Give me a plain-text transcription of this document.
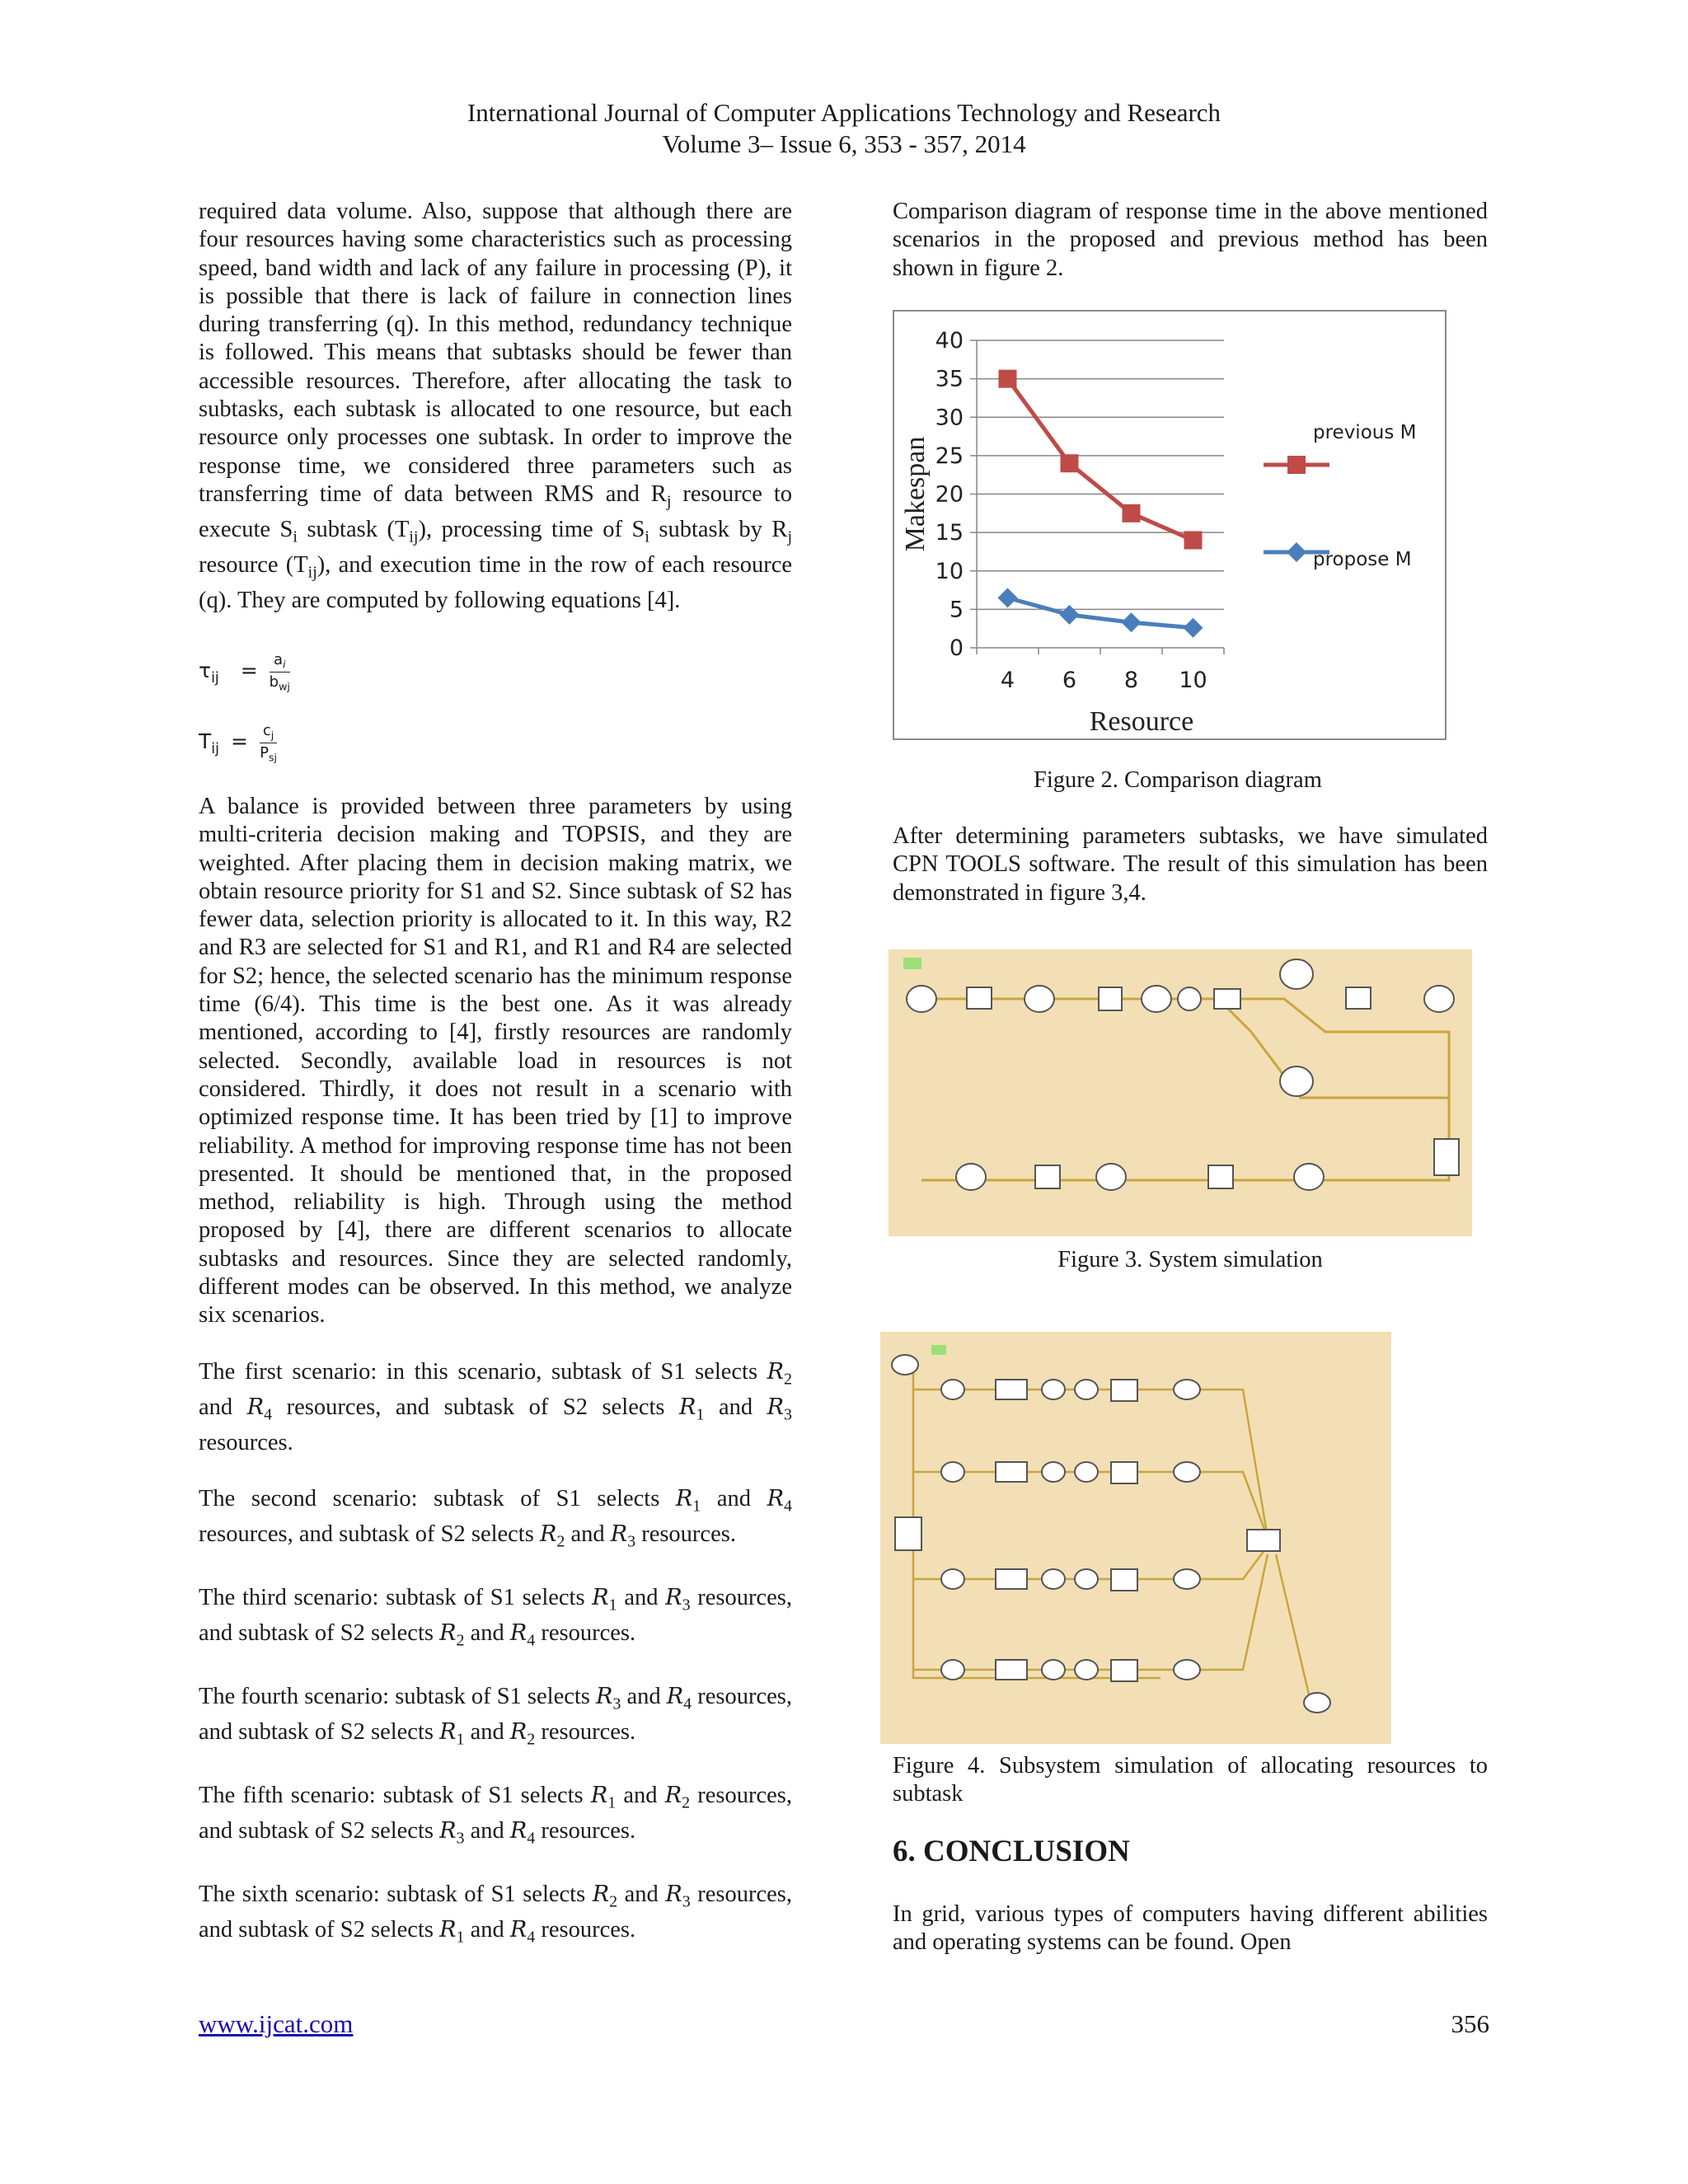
International Journal of Computer Applications Technology and Research
Volume 3– Issue 6, 353 - 357, 2014

required data volume. Also, suppose that although there are four resources having some characteristics such as processing speed, band width and lack of any failure in processing (P), it is possible that there is lack of failure in connection lines during transferring (q). In this method, redundancy technique is followed. This means that subtasks should be fewer than accessible resources. Therefore, after allocating the task to subtasks, each subtask is allocated to one resource, but each resource only processes one subtask. In order to improve the response time, we considered three parameters such as transferring time of data between RMS and $R_j$ resource to execute $S_i$ subtask $(T_{ij})$, processing time of $S_i$ subtask by $R_j$ resource $(T_{ij})$, and execution time in the row of each resource (q). They are computed by following equations [4].

$\tau_{ij} = \frac{a_i}{b_{wj}}$
$T_{ij} = \frac{c_j}{P_{sj}}$

A balance is provided between three parameters by using multi-criteria decision making and TOPSIS, and they are weighted. After placing them in decision making matrix, we obtain resource priority for S1 and S2. Since subtask of S2 has fewer data, selection priority is allocated to it. In this way, R2 and R3 are selected for S1 and R1, and R1 and R4 are selected for S2; hence, the selected scenario has the minimum response time (6/4). This time is the best one. As it was already mentioned, according to [4], firstly resources are randomly selected. Secondly, available load in resources is not considered. Thirdly, it does not result in a scenario with optimized response time. It has been tried by [1] to improve reliability. A method for improving response time has not been presented. It should be mentioned that, in the proposed method, reliability is high. Through using the method proposed by [4], there are different scenarios to allocate subtasks and resources. Since they are selected randomly, different modes can be observed. In this method, we analyze six scenarios.

The first scenario: in this scenario, subtask of S1 selects $R_2$ and $R_4$ resources, and subtask of S2 selects $R_1$ and $R_3$ resources.

The second scenario: subtask of S1 selects $R_1$ and $R_4$ resources, and subtask of S2 selects $R_2$ and $R_3$ resources.

The third scenario: subtask of S1 selects $R_1$ and $R_3$ resources, and subtask of S2 selects $R_2$ and $R_4$ resources.

The fourth scenario: subtask of S1 selects $R_3$ and $R_4$ resources, and subtask of S2 selects $R_1$ and $R_2$ resources.

The fifth scenario: subtask of S1 selects $R_1$ and $R_2$ resources, and subtask of S2 selects $R_3$ and $R_4$ resources.

The sixth scenario: subtask of S1 selects $R_2$ and $R_3$ resources, and subtask of S2 selects $R_1$ and $R_4$ resources.

Comparison diagram of response time in the above mentioned scenarios in the proposed and previous method has been shown in figure 2.

0
5
10
15
20
25
30
35
40
4 6 8 10
Makespan
Resource
previous M
propose M
Figure 2. Comparison diagram

After determining parameters subtasks, we have simulated CPN TOOLS software. The result of this simulation has been demonstrated in figure 3,4.

Figure 3. System simulation
Figure 4. Subsystem simulation of allocating resources to subtask
6. CONCLUSION

In grid, various types of computers having different abilities and operating systems can be found. Open

www.ijcat.com	356
